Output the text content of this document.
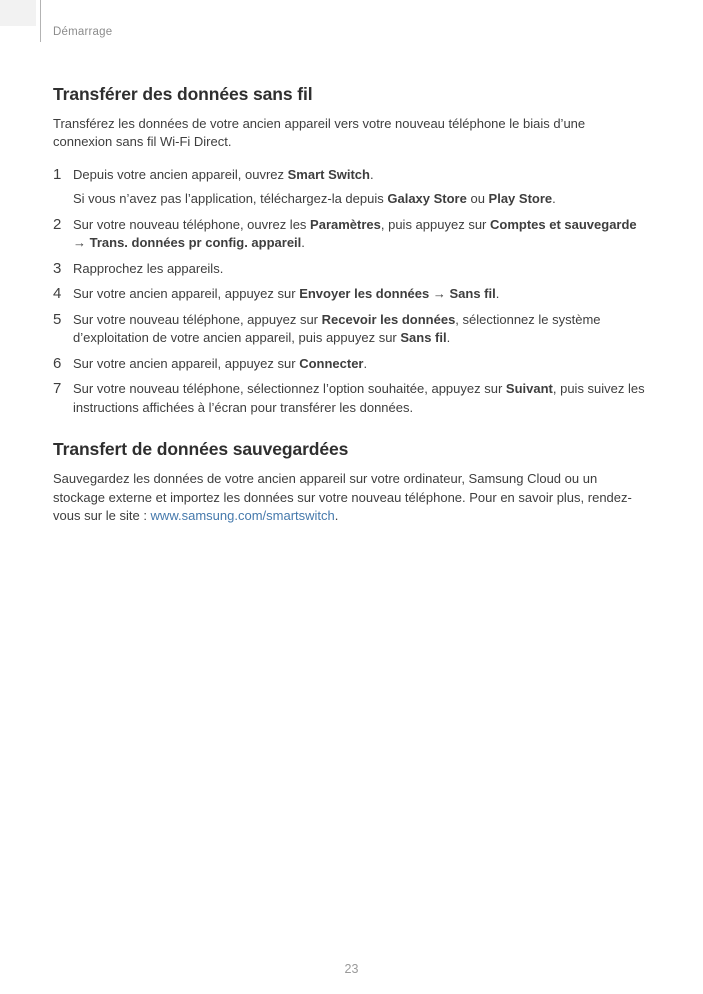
Démarrage
Transférer des données sans fil

Transférez les données de votre ancien appareil vers votre nouveau téléphone le biais d’une connexion sans fil Wi-Fi Direct.

1 Depuis votre ancien appareil, ouvrez Smart Switch.

Si vous n’avez pas l’application, téléchargez-la depuis Galaxy Store ou Play Store.

2 Sur votre nouveau téléphone, ouvrez les Paramètres, puis appuyez sur Comptes et sauvegarde → Trans. données pr config. appareil.

3 Rapprochez les appareils.

4 Sur votre ancien appareil, appuyez sur Envoyer les données → Sans fil.

5 Sur votre nouveau téléphone, appuyez sur Recevoir les données, sélectionnez le système d’exploitation de votre ancien appareil, puis appuyez sur Sans fil.

6 Sur votre ancien appareil, appuyez sur Connecter.

7 Sur votre nouveau téléphone, sélectionnez l’option souhaitée, appuyez sur Suivant, puis suivez les instructions affichées à l’écran pour transférer les données.

Transfert de données sauvegardées

Sauvegardez les données de votre ancien appareil sur votre ordinateur, Samsung Cloud ou un stockage externe et importez les données sur votre nouveau téléphone. Pour en savoir plus, rendez-vous sur le site : www.samsung.com/smartswitch.

23
